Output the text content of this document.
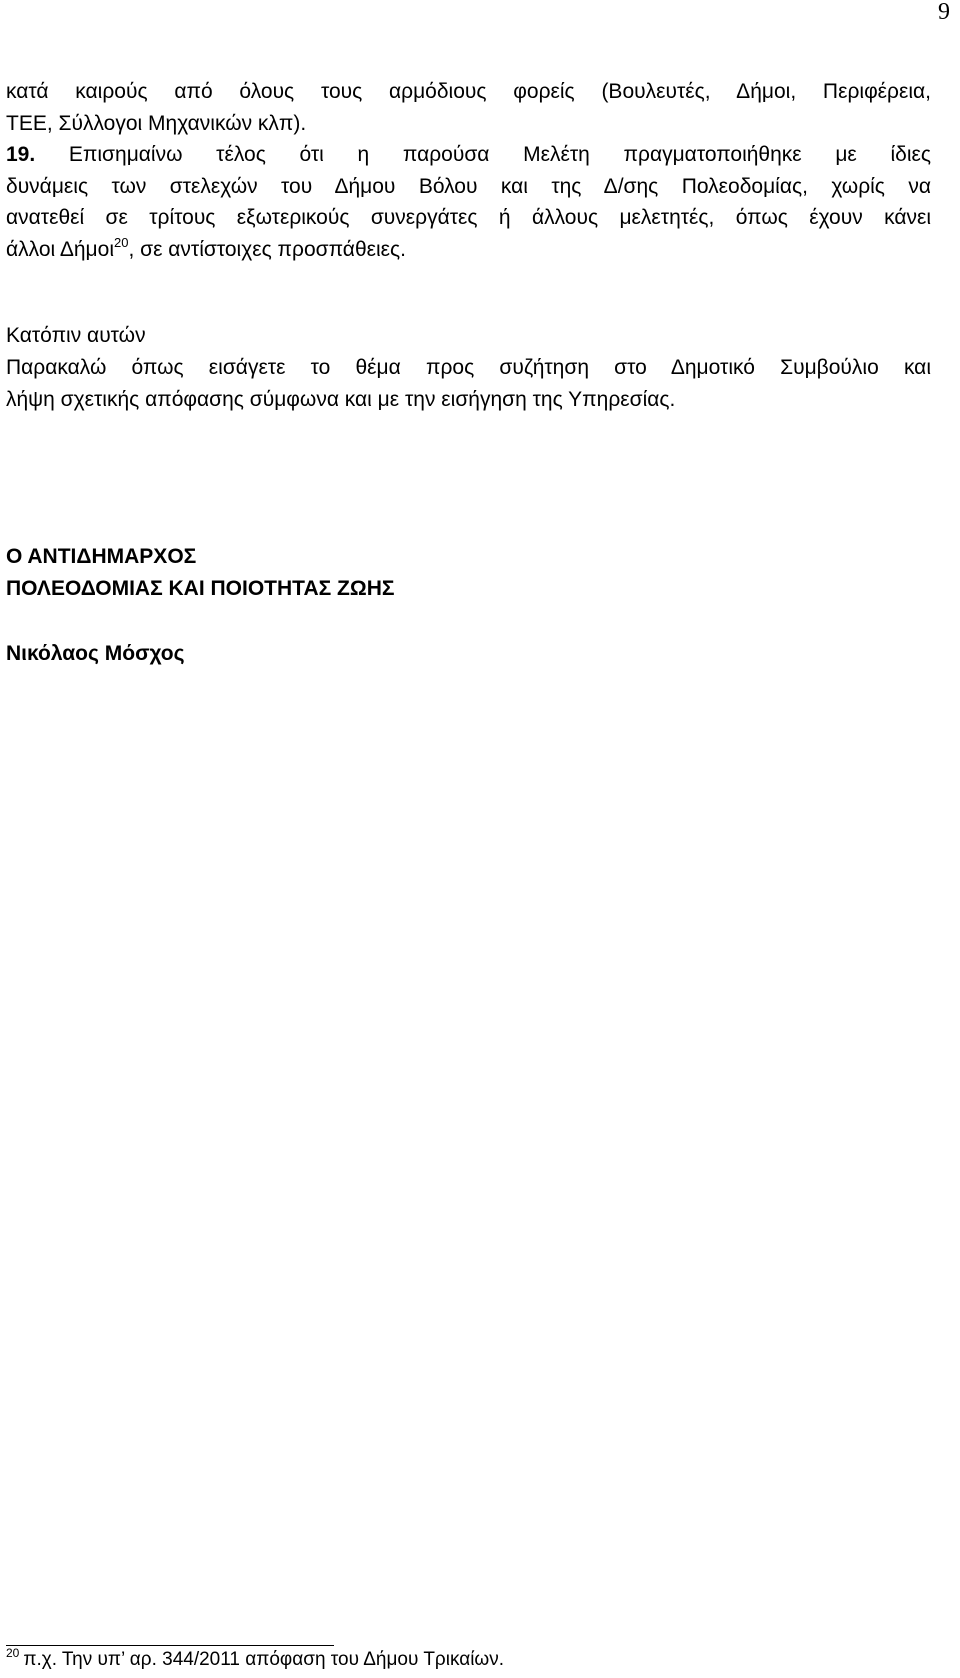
9
κατά καιρούς από όλους τους αρμόδιους φορείς (Βουλευτές, Δήμοι, Περιφέρεια,
ΤΕΕ, Σύλλογοι Μηχανικών κλπ).
19. Επισημαίνω τέλος ότι η παρούσα Μελέτη πραγματοποιήθηκε με ίδιες
δυνάμεις των στελεχών του Δήμου Βόλου και της Δ/σης Πολεοδομίας, χωρίς να
ανατεθεί σε τρίτους εξωτερικούς συνεργάτες ή άλλους μελετητές, όπως έχουν κάνει
άλλοι Δήμοι$^{20}$, σε αντίστοιχες προσπάθειες.
Κατόπιν αυτών
Παρακαλώ όπως εισάγετε το θέμα προς συζήτηση στο Δημοτικό Συμβούλιο και
λήψη σχετικής απόφασης σύμφωνα και με την εισήγηση της Υπηρεσίας.
Ο ΑΝΤΙΔΗΜΑΡΧΟΣ
ΠΟΛΕΟΔΟΜΙΑΣ ΚΑΙ ΠΟΙΟΤΗΤΑΣ ΖΩΗΣ
Νικόλαος Μόσχος
$^{20}$ π.χ. Την υπ’ αρ. 344/2011 απόφαση του Δήμου Τρικαίων.
